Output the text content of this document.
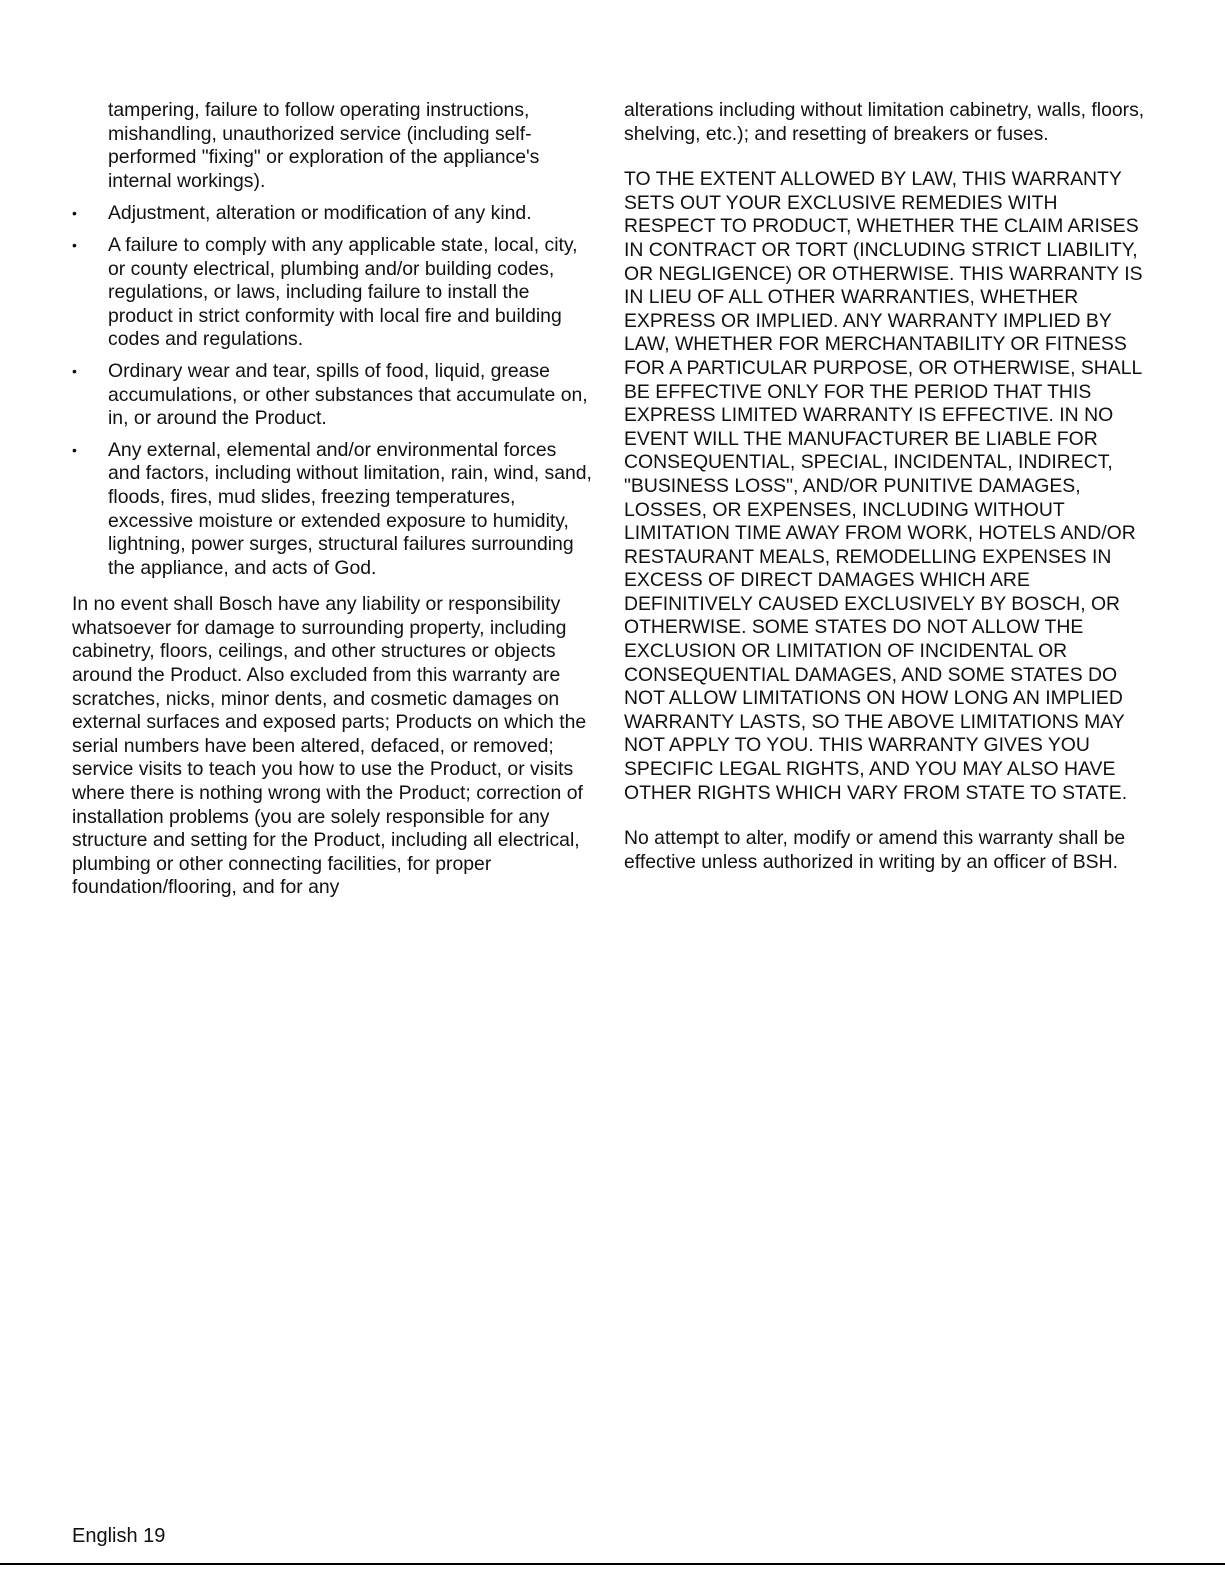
tampering, failure to follow operating instructions, mishandling, unauthorized service (including self-performed "fixing" or exploration of the appliance's internal workings).

• Adjustment, alteration or modification of any kind.
• A failure to comply with any applicable state, local, city, or county electrical, plumbing and/or building codes, regulations, or laws, including failure to install the product in strict conformity with local fire and building codes and regulations.
• Ordinary wear and tear, spills of food, liquid, grease accumulations, or other substances that accumulate on, in, or around the Product.
• Any external, elemental and/or environmental forces and factors, including without limitation, rain, wind, sand, floods, fires, mud slides, freezing temperatures, excessive moisture or extended exposure to humidity, lightning, power surges, structural failures surrounding the appliance, and acts of God.

In no event shall Bosch have any liability or responsibility whatsoever for damage to surrounding property, including cabinetry, floors, ceilings, and other structures or objects around the Product. Also excluded from this warranty are scratches, nicks, minor dents, and cosmetic damages on external surfaces and exposed parts; Products on which the serial numbers have been altered, defaced, or removed; service visits to teach you how to use the Product, or visits where there is nothing wrong with the Product; correction of installation problems (you are solely responsible for any structure and setting for the Product, including all electrical, plumbing or other connecting facilities, for proper foundation/flooring, and for any

alterations including without limitation cabinetry, walls, floors, shelving, etc.); and resetting of breakers or fuses.

TO THE EXTENT ALLOWED BY LAW, THIS WARRANTY SETS OUT YOUR EXCLUSIVE REMEDIES WITH RESPECT TO PRODUCT, WHETHER THE CLAIM ARISES IN CONTRACT OR TORT (INCLUDING STRICT LIABILITY, OR NEGLIGENCE) OR OTHERWISE. THIS WARRANTY IS IN LIEU OF ALL OTHER WARRANTIES, WHETHER EXPRESS OR IMPLIED. ANY WARRANTY IMPLIED BY LAW, WHETHER FOR MERCHANTABILITY OR FITNESS FOR A PARTICULAR PURPOSE, OR OTHERWISE, SHALL BE EFFECTIVE ONLY FOR THE PERIOD THAT THIS EXPRESS LIMITED WARRANTY IS EFFECTIVE. IN NO EVENT WILL THE MANUFACTURER BE LIABLE FOR CONSEQUENTIAL, SPECIAL, INCIDENTAL, INDIRECT, "BUSINESS LOSS", AND/OR PUNITIVE DAMAGES, LOSSES, OR EXPENSES, INCLUDING WITHOUT LIMITATION TIME AWAY FROM WORK, HOTELS AND/OR RESTAURANT MEALS, REMODELLING EXPENSES IN EXCESS OF DIRECT DAMAGES WHICH ARE DEFINITIVELY CAUSED EXCLUSIVELY BY BOSCH, OR OTHERWISE. SOME STATES DO NOT ALLOW THE EXCLUSION OR LIMITATION OF INCIDENTAL OR CONSEQUENTIAL DAMAGES, AND SOME STATES DO NOT ALLOW LIMITATIONS ON HOW LONG AN IMPLIED WARRANTY LASTS, SO THE ABOVE LIMITATIONS MAY NOT APPLY TO YOU. THIS WARRANTY GIVES YOU SPECIFIC LEGAL RIGHTS, AND YOU MAY ALSO HAVE OTHER RIGHTS WHICH VARY FROM STATE TO STATE.

No attempt to alter, modify or amend this warranty shall be effective unless authorized in writing by an officer of BSH.

English 19
